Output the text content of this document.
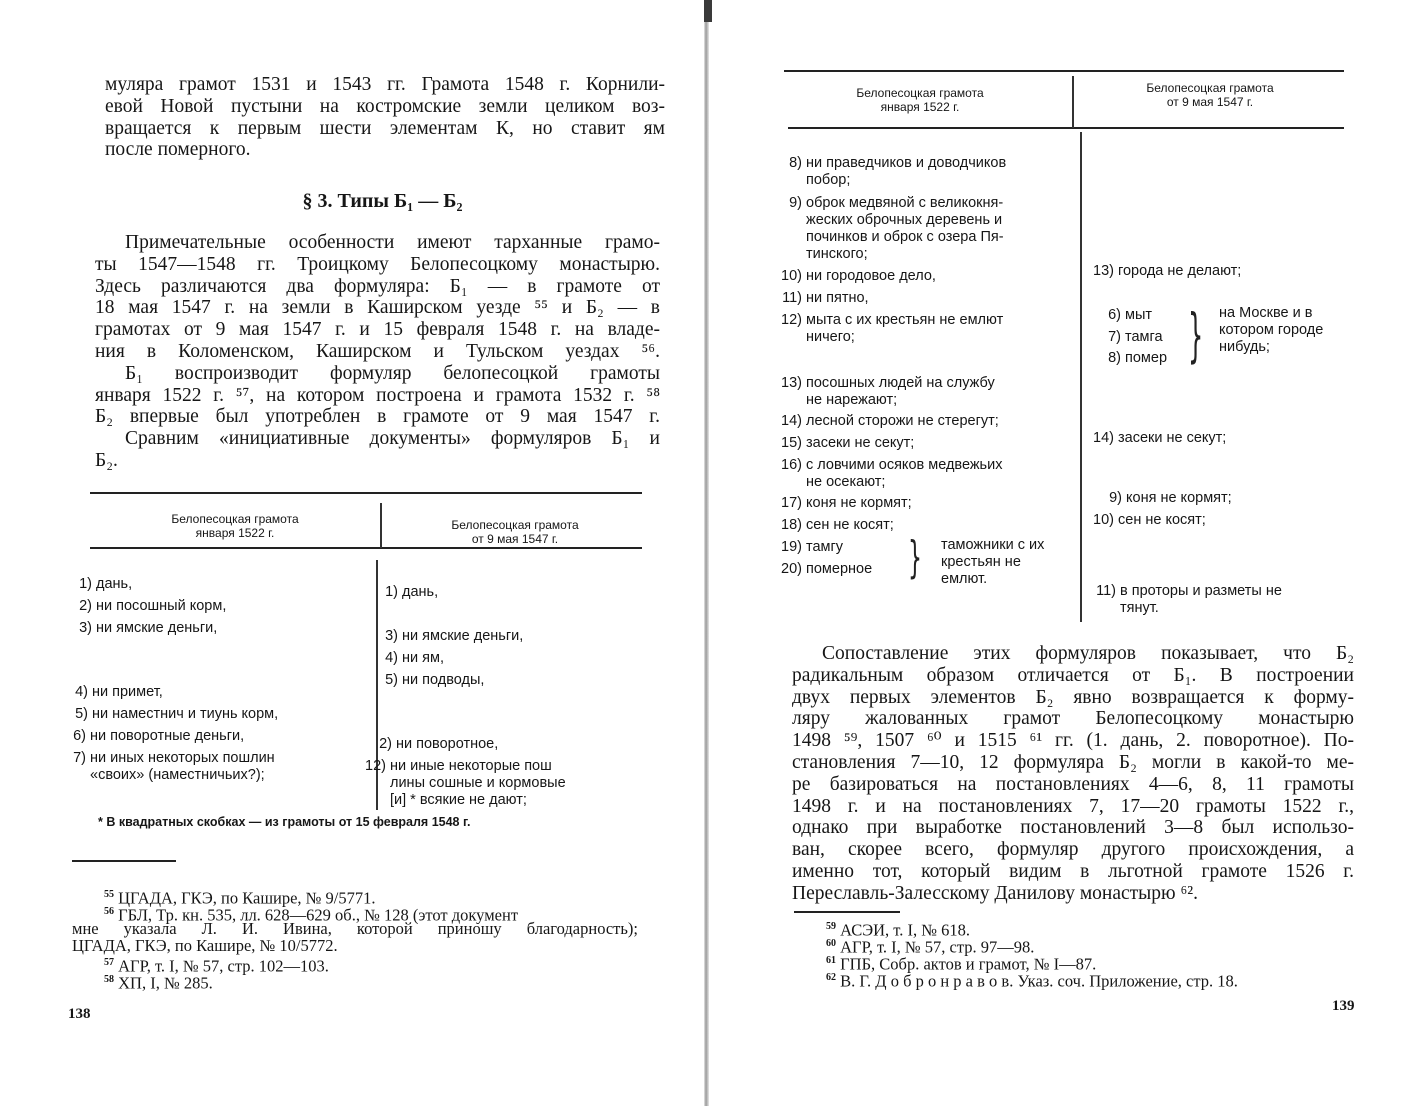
муляра грамот 1531 и 1543 гг. Грамота 1548 г. Корнили-
евой Новой пустыни на костромские земли целиком воз-
вращается к первым шести элементам К, но ставит ям
после померного.
§ 3. Типы Б₁ — Б₂
Примечательные особенности имеют тарханные грамо-
ты 1547—1548 гг. Троицкому Белопесоцкому монастырю.
Здесь различаются два формуляра: Б₁ — в грамоте от
18 мая 1547 г. на земли в Каширском уезде ⁵⁵ и Б₂ — в
грамотах от 9 мая 1547 г. и 15 февраля 1548 г. на владе-
ния в Коломенском, Каширском и Тульском уездах ⁵⁶.
Б₁ воспроизводит формуляр белопесоцкой грамоты
января 1522 г. ⁵⁷, на котором построена и грамота 1532 г. ⁵⁸
Б₂ впервые был употреблен в грамоте от 9 мая 1547 г.
Сравним «инициативные документы» формуляров Б₁ и
Б₂.
Белопесоцкая грамота
января 1522 г.
Белопесоцкая грамота
от 9 мая 1547 г.
1) дань,
2) ни посошный корм,
3) ни ямские деньги,
4) ни примет,
5) ни наместнич и тиунь корм,
6) ни поворотные деньги,
7) ни иных некоторых пошлин
«своих» (наместничьих?);
1) дань,
3) ни ямские деньги,
4) ни ям,
5) ни подводы,
2) ни поворотное,
12) ни иные некоторые пош
лины сошные и кормовые
[и] * всякие не дают;
* В квадратных скобках — из грамоты от 15 февраля 1548 г.
$^{55}$ ЦГАДА, ГКЭ, по Каширe, № 9/5771.
$^{56}$ ГБЛ, Тр. кн. 535, лл. 628—629 об., № 128 (этот документ
мне указала Л. И. Ивина, которой приношу благодарность);
ЦГАДА, ГКЭ, по Каширe, № 10/5772.
$^{57}$ АГР, т. I, № 57, стр. 102—103.
$^{58}$ ХП, I, № 285.
138
Белопесоцкая грамота
января 1522 г.
Белопесоцкая грамота
от 9 мая 1547 г.
8) ни праведчиков и доводчиков
побор;
9) оброк медвяной с великокня-
жеских оброчных деревень и
починков и оброк с озера Пя-
тинского;
10) ни городовое дело,
11) ни пятно,
12) мыта с их крестьян не емлют
ничего;
13) посошных людей на службу
не нарежают;
14) лесной сторожи не стерегут;
15) засеки не секут;
16) с ловчими осяков медвежьих
не осекают;
17) коня не кормят;
18) сен не косят;
19) тамгу
20) померное } таможники с их
крестьян не
емлют.
13) города не делают;
6) мыт
7) тамга
8) помер } на Москве и в
котором городе
нибудь;
14) засеки не секут;
9) коня не кормят;
10) сен не косят;
11) в проторы и разметы не
тянут.
Сопоставление этих формуляров показывает, что Б₂
радикальным образом отличается от Б₁. В построении
двух первых элементов Б₂ явно возвращается к форму-
ляру жалованных грамот Белопесоцкому монастырю
1498 ⁵⁹, 1507 ⁶⁰ и 1515 ⁶¹ гг. (1. дань, 2. поворотное). По-
становления 7—10, 12 формуляра Б₂ могли в какой-то ме-
ре базироваться на постановлениях 4—6, 8, 11 грамоты
1498 г. и на постановлениях 7, 17—20 грамоты 1522 г.,
однако при выработке постановлений 3—8 был использо-
ван, скорее всего, формуляр другого происхождения, а
именно тот, который видим в льготной грамоте 1526 г.
Переславль-Залесскому Данилову монастырю ⁶².
$^{59}$ АСЭИ, т. I, № 618.
$^{60}$ АГР, т. I, № 57, стр. 97—98.
$^{61}$ ГПБ, Собр. актов и грамот, № I—87.
$^{62}$ В. Г. Д о б р о н р а в о в. Указ. соч. Приложение, стр. 18.
139
